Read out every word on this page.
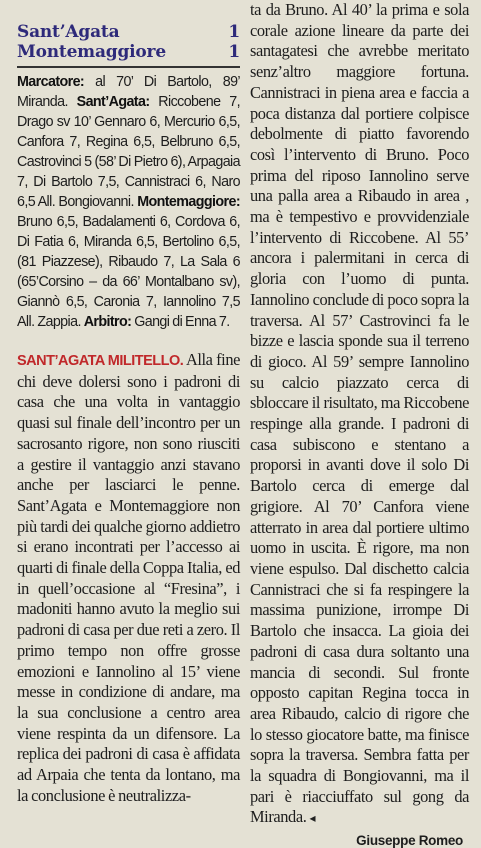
Sant’Agata	1
Montemaggiore	1

Marcatore: al 70’ Di Bartolo, 89’ Miranda. Sant’Agata: Riccobene 7, Drago sv 10’ Gennaro 6, Mercurio 6,5, Canfora 7, Regina 6,5, Belbruno 6,5, Castrovinci 5 (58’ Di Pietro 6), Arpagaia 7, Di Bartolo 7,5, Cannistraci 6, Naro 6,5 All. Bongiovanni. Montemaggiore: Bruno 6,5, Badalamenti 6, Cordova 6, Di Fatia 6, Miranda 6,5, Bertolino 6,5, (81 Piazzese), Ribaudo 7, La Sala 6 (65’Corsino – da 66’ Montalbano sv), Giannò 6,5, Caronia 7, Iannolino 7,5 All. Zappia. Arbitro: Gangi di Enna 7.

SANT’AGATA MILITELLO. Alla fine chi deve dolersi sono i padroni di casa che una volta in vantaggio quasi sul finale dell’incontro per un sacrosanto rigore, non sono riusciti a gestire il vantaggio anzi stavano anche per lasciarci le penne. Sant’Agata e Montemaggiore non più tardi dei qualche giorno addietro si erano incontrati per l’accesso ai quarti di finale della Coppa Italia, ed in quell’occasione al “Fresina”, i madoniti hanno avuto la meglio sui padroni di casa per due reti a zero. Il primo tempo non offre grosse emozioni e Iannolino al 15’ viene messe in condizione di andare, ma la sua conclusione a centro area viene respinta da un difensore. La replica dei padroni di casa è affidata ad Arpaia che tenta da lontano, ma la conclusione è neutralizza-

ta da Bruno. Al 40’ la prima e sola corale azione lineare da parte dei santagatesi che avrebbe meritato senz’altro maggiore fortuna. Cannistraci in piena area e faccia a poca distanza dal portiere colpisce debolmente di piatto favorendo così l’intervento di Bruno. Poco prima del riposo Iannolino serve una palla area a Ribaudo in area , ma è tempestivo e provvidenziale l’intervento di Riccobene. Al 55’ ancora i palermitani in cerca di gloria con l’uomo di punta. Iannolino conclude di poco sopra la traversa. Al 57’ Castrovinci fa le bizze e lascia sponde sua il terreno di gioco. Al 59’ sempre Iannolino su calcio piazzato cerca di sbloccare il risultato, ma Riccobene respinge alla grande. I padroni di casa subiscono e stentano a proporsi in avanti dove il solo Di Bartolo cerca di emerge dal grigiore. Al 70’ Canfora viene atterrato in area dal portiere ultimo uomo in uscita. È rigore, ma non viene espulso. Dal dischetto calcia Cannistraci che si fa respingere la massima punizione, irrompe Di Bartolo che insacca. La gioia dei padroni di casa dura soltanto una mancia di secondi. Sul fronte opposto capitan Regina tocca in area Ribaudo, calcio di rigore che lo stesso giocatore batte, ma finisce sopra la traversa. Sembra fatta per la squadra di Bongiovanni, ma il pari è riacciuffato sul gong da Miranda. ◂

Giuseppe Romeo
